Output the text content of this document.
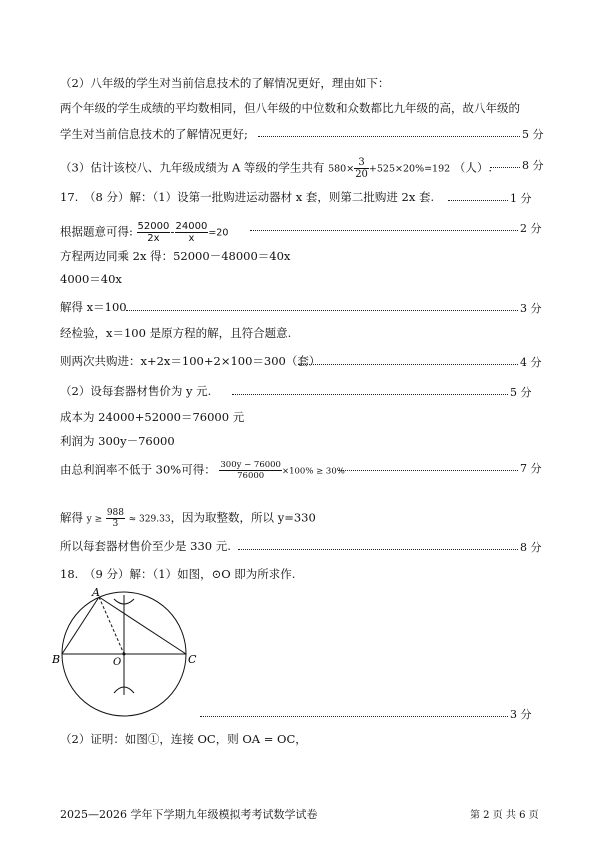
（2）八年级的学生对当前信息技术的了解情况更好，理由如下：
两个年级的学生成绩的平均数相同，但八年级的中位数和众数都比九年级的高，故八年级的
学生对当前信息技术的了解情况更好;	5 分
（3）估计该校八、九年级成绩为 A 等级的学生共有 $580\times \frac{3}{20} +525\times 20\%=192$ （人）.	8 分
17.　（8 分）解：（1）设第一批购进运动器材 x 套，则第二批购进 2x 套.	1 分
根据题意可得: $\frac{52000}{2x} - \frac{24000}{x} =20$	2 分
方程两边同乘 2x 得：52000－48000＝40x
4000＝40x
解得 x＝100	3 分
经检验，x＝100 是原方程的解，且符合题意.
则两次共购进：x+2x＝100+2×100＝300（套）	4 分
（2）设每套器材售价为 y 元.	5 分
成本为 24000+52000＝76000 元
利润为 300y－76000
由总利润率不低于 30%可得： $\frac{300y - 76000}{76000} \times 100\% \ge 30\%$	7 分
解得 $y \ge \frac{988}{3} \approx 329.33$，因为取整数，所以 y=330
所以每套器材售价至少是 330 元.	8 分
18.　（9 分）解：（1）如图，⊙O 即为所求作.
A
B	C
O
3 分
（2）证明：如图①，连接 OC，则 OA = OC，
2025—2026 学年下学期九年级模拟考考试数学试卷	第 2 页 共 6 页
